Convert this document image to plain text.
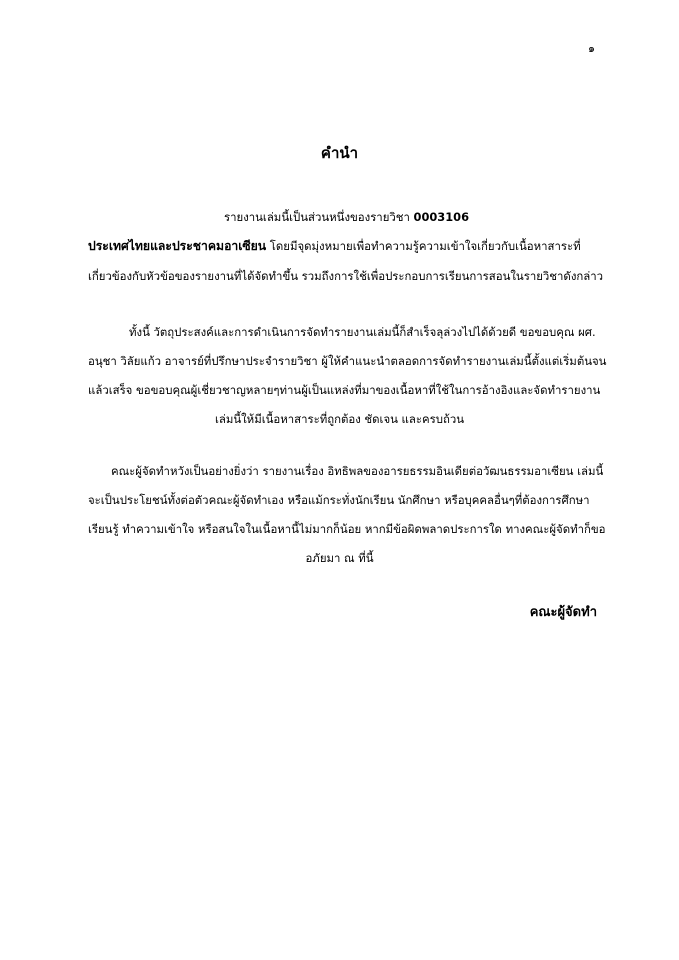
๑
คำนำ
รายงานเล่มนี้เป็นส่วนหนึ่งของรายวิชา 0003106
ประเทศไทยและประชาคมอาเซียน โดยมีจุดมุ่งหมายเพื่อทำความรู้ความเข้าใจเกี่ยวกับเนื้อหาสาระที่
เกี่ยวข้องกับหัวข้อของรายงานที่ได้จัดทำขึ้น รวมถึงการใช้เพื่อประกอบการเรียนการสอนในรายวิชาดังกล่าว
ทั้งนี้ วัตถุประสงค์และการดำเนินการจัดทำรายงานเล่มนี้ก็สำเร็จลุล่วงไปได้ด้วยดี ขอขอบคุณ ผศ.
อนุชา วิลัยแก้ว อาจารย์ที่ปรึกษาประจำรายวิชา ผู้ให้คำแนะนำตลอดการจัดทำรายงานเล่มนี้ตั้งแต่เริ่มต้นจน
แล้วเสร็จ ขอขอบคุณผู้เชี่ยวชาญหลายๆท่านผู้เป็นแหล่งที่มาของเนื้อหาที่ใช้ในการอ้างอิงและจัดทำรายงาน
เล่มนี้ให้มีเนื้อหาสาระที่ถูกต้อง ชัดเจน และครบถ้วน
คณะผู้จัดทำหวังเป็นอย่างยิ่งว่า รายงานเรื่อง อิทธิพลของอารยธรรมอินเดียต่อวัฒนธรรมอาเซียน เล่มนี้
จะเป็นประโยชน์ทั้งต่อตัวคณะผู้จัดทำเอง หรือแม้กระทั่งนักเรียน นักศึกษา หรือบุคคลอื่นๆที่ต้องการศึกษา
เรียนรู้ ทำความเข้าใจ หรือสนใจในเนื้อหานี้ไม่มากก็น้อย หากมีข้อผิดพลาดประการใด ทางคณะผู้จัดทำก็ขอ
อภัยมา ณ ที่นี้
คณะผู้จัดทำ
